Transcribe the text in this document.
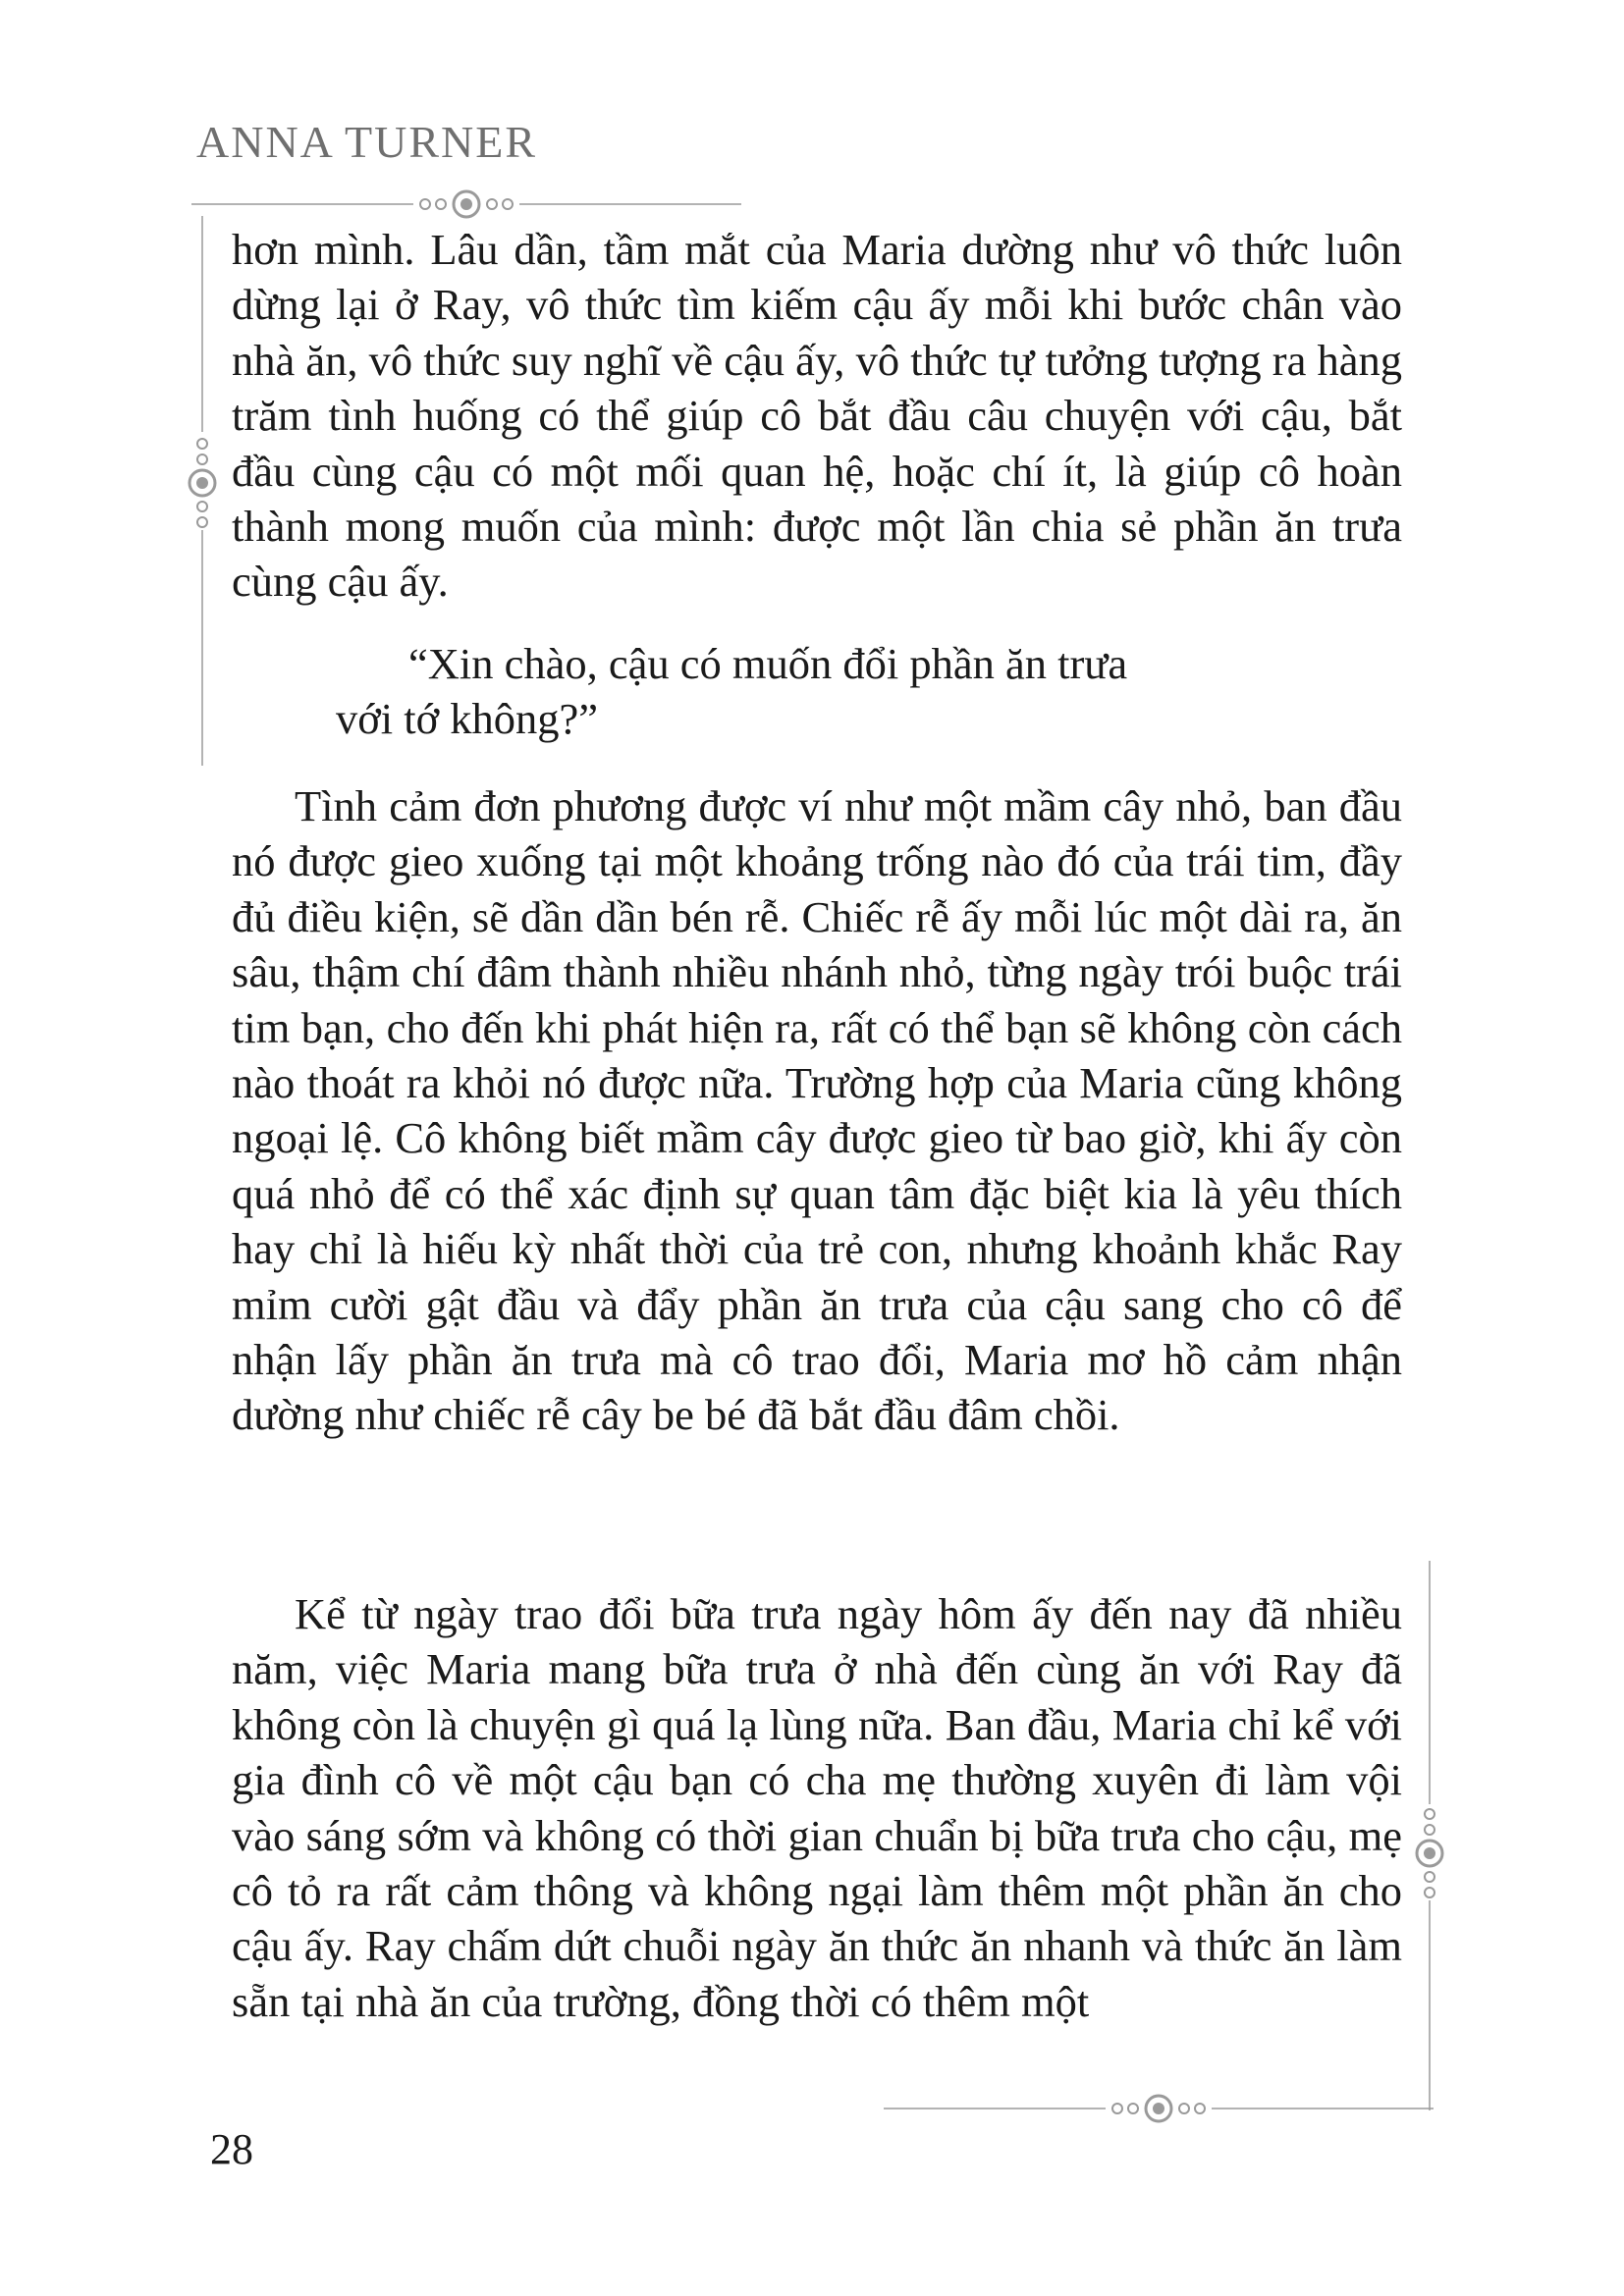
ANNA TURNER
hơn mình. Lâu dần, tầm mắt của Maria dường như vô thức luôn dừng lại ở Ray, vô thức tìm kiếm cậu ấy mỗi khi bước chân vào nhà ăn, vô thức suy nghĩ về cậu ấy, vô thức tự tưởng tượng ra hàng trăm tình huống có thể giúp cô bắt đầu câu chuyện với cậu, bắt đầu cùng cậu có một mối quan hệ, hoặc chí ít, là giúp cô hoàn thành mong muốn của mình: được một lần chia sẻ phần ăn trưa cùng cậu ấy.
“Xin chào, cậu có muốn đổi phần ăn trưa
với tớ không?”
Tình cảm đơn phương được ví như một mầm cây nhỏ, ban đầu nó được gieo xuống tại một khoảng trống nào đó của trái tim, đầy đủ điều kiện, sẽ dần dần bén rễ. Chiếc rễ ấy mỗi lúc một dài ra, ăn sâu, thậm chí đâm thành nhiều nhánh nhỏ, từng ngày trói buộc trái tim bạn, cho đến khi phát hiện ra, rất có thể bạn sẽ không còn cách nào thoát ra khỏi nó được nữa. Trường hợp của Maria cũng không ngoại lệ. Cô không biết mầm cây được gieo từ bao giờ, khi ấy còn quá nhỏ để có thể xác định sự quan tâm đặc biệt kia là yêu thích hay chỉ là hiếu kỳ nhất thời của trẻ con, nhưng khoảnh khắc Ray mỉm cười gật đầu và đẩy phần ăn trưa của cậu sang cho cô để nhận lấy phần ăn trưa mà cô trao đổi, Maria mơ hồ cảm nhận dường như chiếc rễ cây be bé đã bắt đầu đâm chồi.
Kể từ ngày trao đổi bữa trưa ngày hôm ấy đến nay đã nhiều năm, việc Maria mang bữa trưa ở nhà đến cùng ăn với Ray đã không còn là chuyện gì quá lạ lùng nữa. Ban đầu, Maria chỉ kể với gia đình cô về một cậu bạn có cha mẹ thường xuyên đi làm vội vào sáng sớm và không có thời gian chuẩn bị bữa trưa cho cậu, mẹ cô tỏ ra rất cảm thông và không ngại làm thêm một phần ăn cho cậu ấy. Ray chấm dứt chuỗi ngày ăn thức ăn nhanh và thức ăn làm sẵn tại nhà ăn của trường, đồng thời có thêm một
28
